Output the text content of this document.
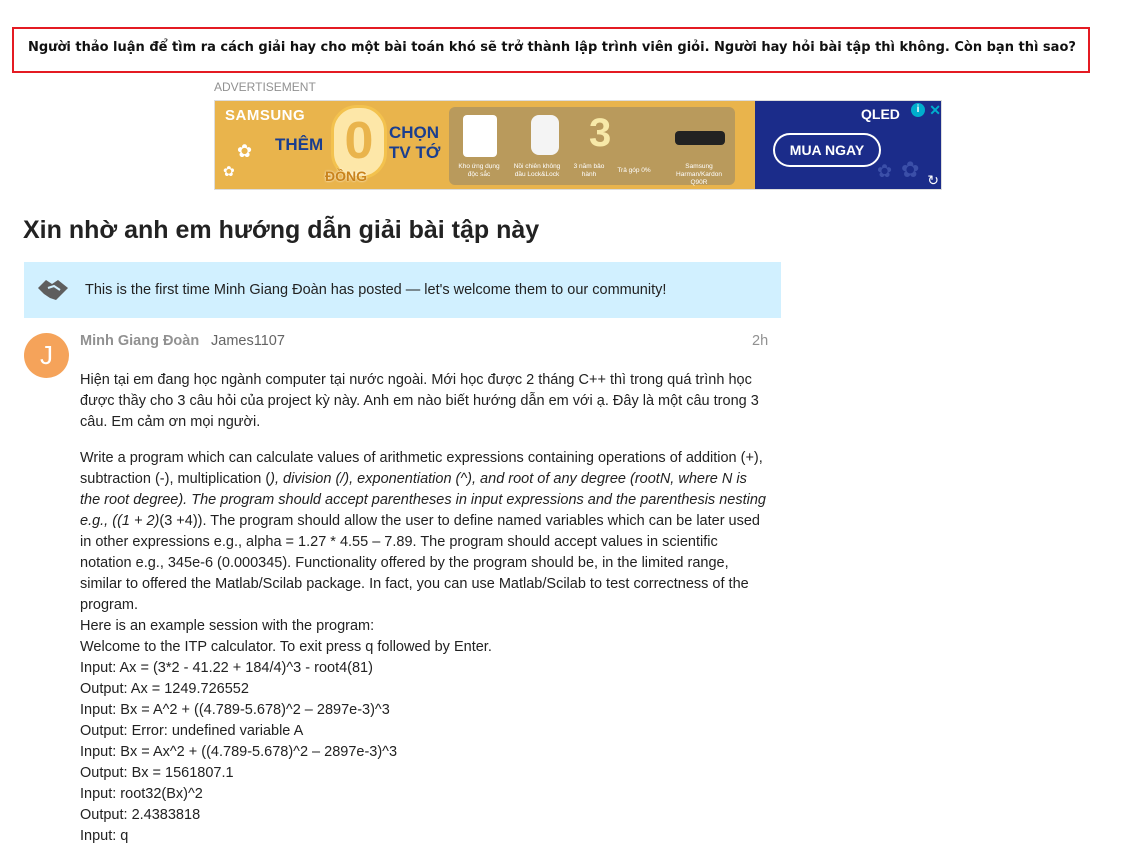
Người thảo luận để tìm ra cách giải hay cho một bài toán khó sẽ trở thành lập trình viên giỏi. Người hay hỏi bài tập thì không. Còn bạn thì sao?
ADVERTISEMENT
SAMSUNG
✿
✿
THÊM 0
ĐỒNG
CHỌN
TV TỚ	3
Kho ứng dụng độc sắc
Nồi chiên không dầu Lock&Lock
3 năm bảo hành
Trả góp 0%
Samsung Harman/Kardon Q90R
QLED	i ✕
MUA NGAY
✿ ✿ ↻
Xin nhờ anh em hướng dẫn giải bài tập này
This is the first time Minh Giang Đoàn has posted — let's welcome them to our community!
J	Minh Giang Đoàn James1107	2h

Hiện tại em đang học ngành computer tại nước ngoài. Mới học được 2 tháng C++ thì trong quá trình học được thầy cho 3 câu hỏi của project kỳ này. Anh em nào biết hướng dẫn em với ạ. Đây là một câu trong 3 câu. Em cảm ơn mọi người.

Write a program which can calculate values of arithmetic expressions containing operations of addition (+), subtraction (-), multiplication (), division (/), exponentiation (^), and root of any degree (rootN, where N is the root degree). The program should accept parentheses in input expressions and the parenthesis nesting e.g., ((1 + 2)(3 +4)). The program should allow the user to define named variables which can be later used in other expressions e.g., alpha = 1.27 * 4.55 – 7.89. The program should accept values in scientific notation e.g., 345e-6 (0.000345). Functionality offered by the program should be, in the limited range, similar to offered the Matlab/Scilab package. In fact, you can use Matlab/Scilab to test correctness of the program.

Here is an example session with the program:
Welcome to the ITP calculator. To exit press q followed by Enter.
Input: Ax = (3*2 - 41.22 + 184/4)^3 - root4(81)
Output: Ax = 1249.726552
Input: Bx = A^2 + ((4.789-5.678)^2 – 2897e-3)^3
Output: Error: undefined variable A
Input: Bx = Ax^2 + ((4.789-5.678)^2 – 2897e-3)^3
Output: Bx = 1561807.1
Input: root32(Bx)^2
Output: 2.4383818
Input: q
